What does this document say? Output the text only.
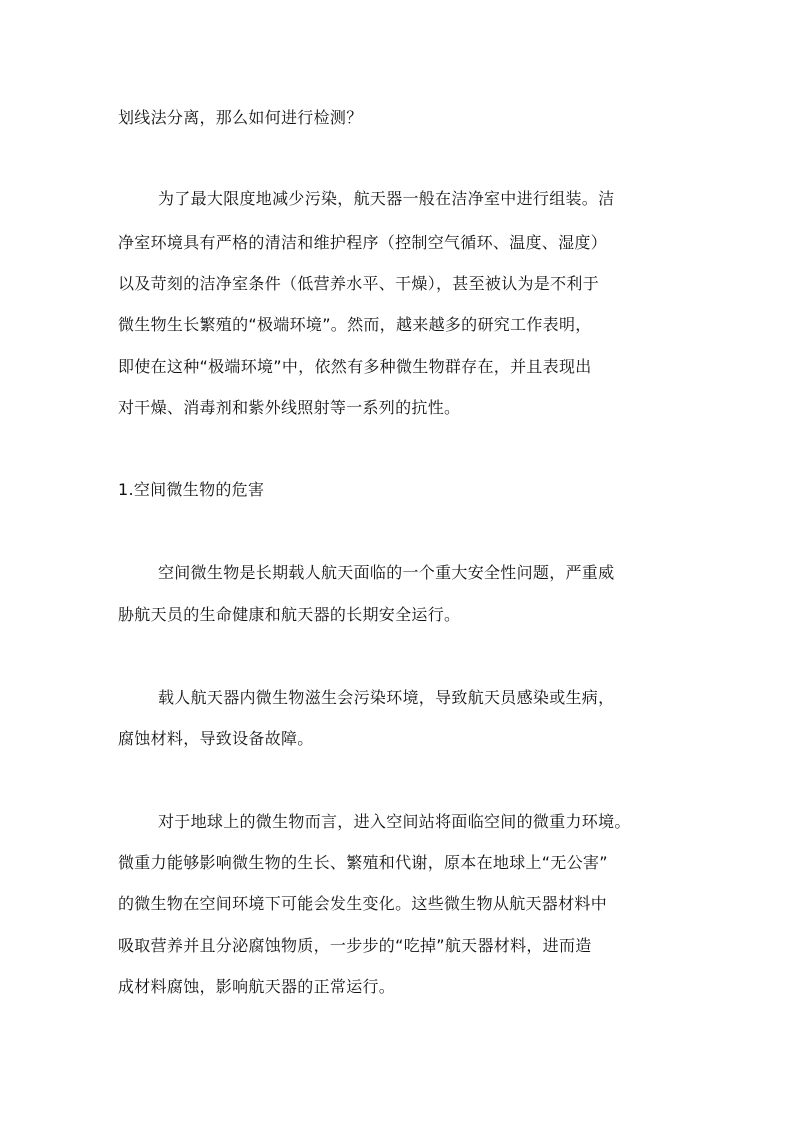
划线法分离，那么如何进行检测？
为了最大限度地减少污染，航天器一般在洁净室中进行组装。洁
净室环境具有严格的清洁和维护程序（控制空气循环、温度、湿度）
以及苛刻的洁净室条件（低营养水平、干燥），甚至被认为是不利于
微生物生长繁殖的“极端环境”。然而，越来越多的研究工作表明，
即使在这种“极端环境”中，依然有多种微生物群存在，并且表现出
对干燥、消毒剂和紫外线照射等一系列的抗性。
1.空间微生物的危害
空间微生物是长期载人航天面临的一个重大安全性问题，严重威
胁航天员的生命健康和航天器的长期安全运行。
载人航天器内微生物滋生会污染环境，导致航天员感染或生病，
腐蚀材料，导致设备故障。
对于地球上的微生物而言，进入空间站将面临空间的微重力环境。
微重力能够影响微生物的生长、繁殖和代谢，原本在地球上“无公害”
的微生物在空间环境下可能会发生变化。这些微生物从航天器材料中
吸取营养并且分泌腐蚀物质，一步步的“吃掉”航天器材料，进而造
成材料腐蚀，影响航天器的正常运行。
